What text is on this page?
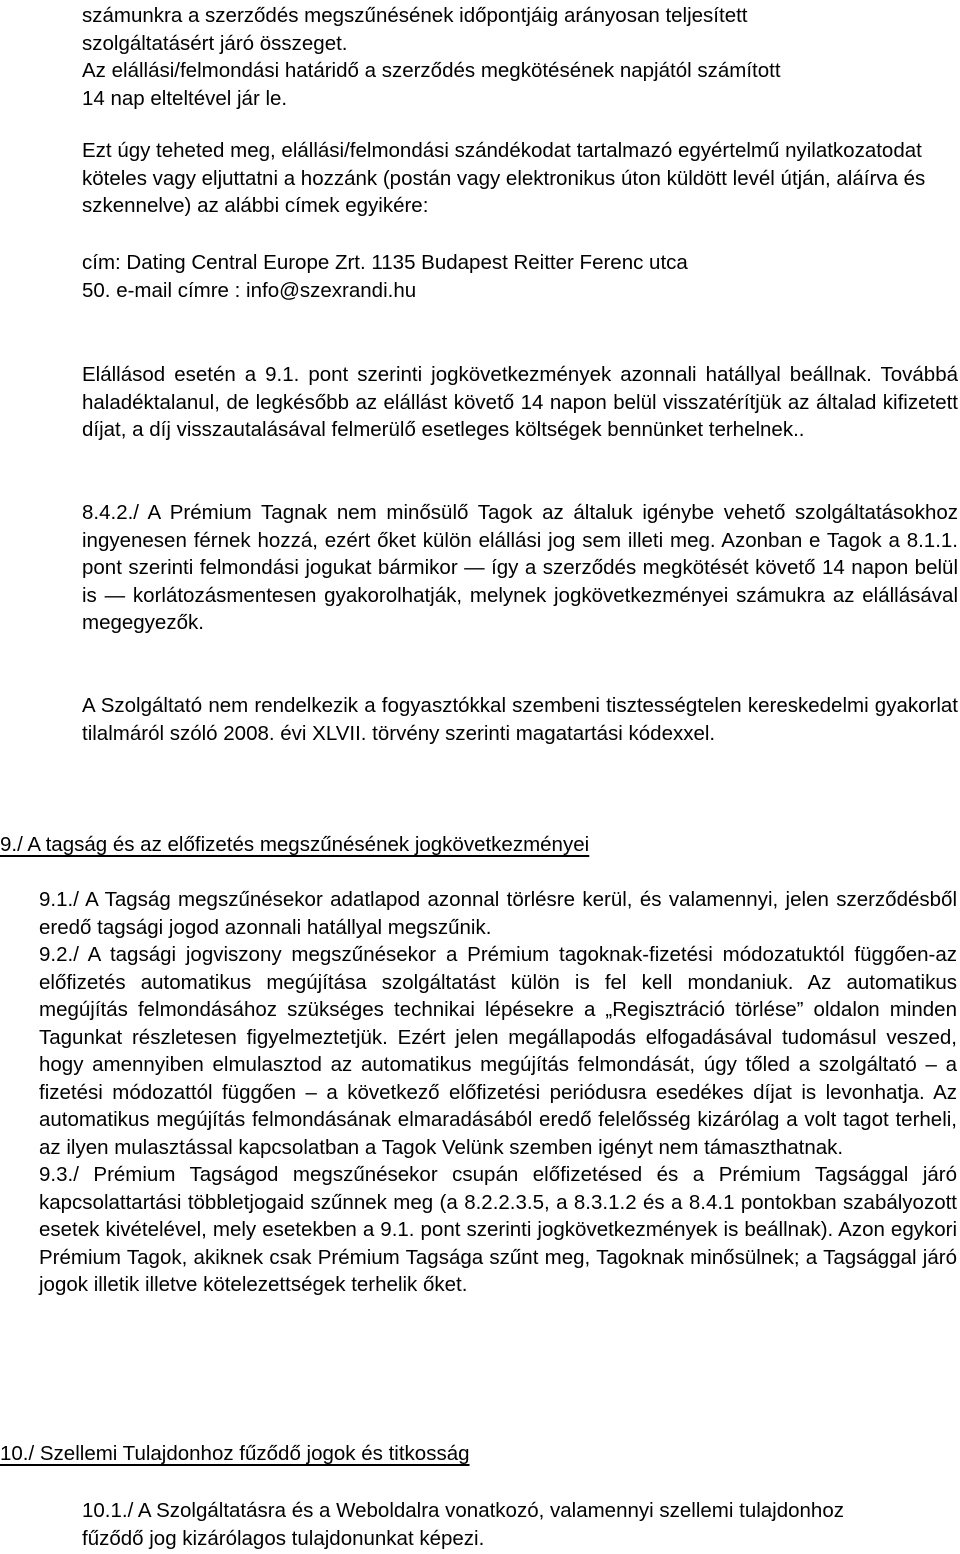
számunkra a szerződés megszűnésének időpontjáig arányosan teljesített szolgáltatásért járó összeget.

Az elállási/felmondási határidő a szerződés megkötésének napjától számított 14 nap elteltével jár le.

Ezt úgy teheted meg, elállási/felmondási szándékodat tartalmazó egyértelmű nyilatkozatodat köteles vagy eljuttatni a hozzánk (postán vagy elektronikus úton küldött levél útján, aláírva és szkennelve) az alábbi címek egyikére:

cím: Dating Central Europe Zrt. 1135 Budapest Reitter Ferenc utca

50. e-mail címre : info@szexrandi.hu

Elállásod esetén a 9.1. pont szerinti jogkövetkezmények azonnali hatállyal beállnak. Továbbá haladéktalanul, de legkésőbb az elállást követő 14 napon belül visszatérítjük az általad kifizetett díjat, a díj visszautalásával felmerülő esetleges költségek bennünket terhelnek..

8.4.2./ A Prémium Tagnak nem minősülő Tagok az általuk igénybe vehető szolgáltatásokhoz ingyenesen férnek hozzá, ezért őket külön elállási jog sem illeti meg. Azonban e Tagok a 8.1.1. pont szerinti felmondási jogukat bármikor — így a szerződés megkötését követő 14 napon belül is — korlátozásmentesen gyakorolhatják, melynek jogkövetkezményei számukra az elállásával megegyezők.

A Szolgáltató nem rendelkezik a fogyasztókkal szembeni tisztességtelen kereskedelmi gyakorlat tilalmáról szóló 2008. évi XLVII. törvény szerinti magatartási kódexxel.

9./ A tagság és az előfizetés megszűnésének jogkövetkezményei

9.1./ A Tagság megszűnésekor adatlapod azonnal törlésre kerül, és valamennyi, jelen szerződésből eredő tagsági jogod azonnali hatállyal megszűnik.

9.2./ A tagsági jogviszony megszűnésekor a Prémium tagoknak-fizetési módozatuktól függően-az előfizetés automatikus megújítása szolgáltatást külön is fel kell mondaniuk. Az automatikus megújítás felmondásához szükséges technikai lépésekre a „Regisztráció törlése” oldalon minden Tagunkat részletesen figyelmeztetjük. Ezért jelen megállapodás elfogadásával tudomásul veszed, hogy amennyiben elmulasztod az automatikus megújítás felmondását, úgy tőled a szolgáltató – a fizetési módozattól függően – a következő előfizetési periódusra esedékes díjat is levonhatja. Az automatikus megújítás felmondásának elmaradásából eredő felelősség kizárólag a volt tagot terheli, az ilyen mulasztással kapcsolatban a Tagok Velünk szemben igényt nem támaszthatnak.

9.3./ Prémium Tagságod megszűnésekor csupán előfizetésed és a Prémium Tagsággal járó kapcsolattartási többletjogaid szűnnek meg (a 8.2.2.3.5, a 8.3.1.2 és a 8.4.1 pontokban szabályozott esetek kivételével, mely esetekben a 9.1. pont szerinti jogkövetkezmények is beállnak). Azon egykori Prémium Tagok, akiknek csak Prémium Tagsága szűnt meg, Tagoknak minősülnek; a Tagsággal járó jogok illetik illetve kötelezettségek terhelik őket.

10./ Szellemi Tulajdonhoz fűződő jogok és titkosság

10.1./ A Szolgáltatásra és a Weboldalra vonatkozó, valamennyi szellemi tulajdonhoz fűződő jog kizárólagos tulajdonunkat képezi.
